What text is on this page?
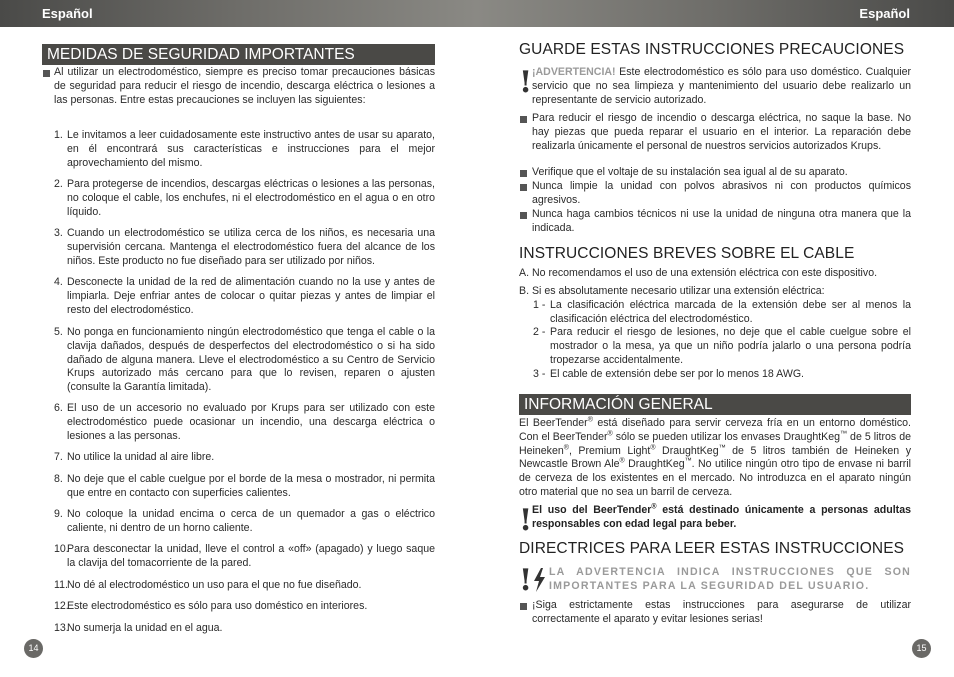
Español	Español
MEDIDAS DE SEGURIDAD IMPORTANTES
Al utilizar un electrodoméstico, siempre es preciso tomar precauciones básicas de seguridad para reducir el riesgo de incendio, descarga eléctrica o lesiones a las personas. Entre estas precauciones se incluyen las siguientes:
1. Le invitamos a leer cuidadosamente este instructivo antes de usar su aparato, en él encontrará sus características e instrucciones para el mejor aprovechamiento del mismo.
2. Para protegerse de incendios, descargas eléctricas o lesiones a las personas, no coloque el cable, los enchufes, ni el electrodoméstico en el agua o en otro líquido.
3. Cuando un electrodoméstico se utiliza cerca de los niños, es necesaria una supervisión cercana. Mantenga el electrodoméstico fuera del alcance de los niños. Este producto no fue diseñado para ser utilizado por niños.
4. Desconecte la unidad de la red de alimentación cuando no la use y antes de limpiarla. Deje enfriar antes de colocar o quitar piezas y antes de limpiar el resto del electrodoméstico.
5. No ponga en funcionamiento ningún electrodoméstico que tenga el cable o la clavija dañados, después de desperfectos del electrodoméstico o si ha sido dañado de alguna manera. Lleve el electrodoméstico a su Centro de Servicio Krups autorizado más cercano para que lo revisen, reparen o ajusten (consulte la Garantía limitada).
6. El uso de un accesorio no evaluado por Krups para ser utilizado con este electrodoméstico puede ocasionar un incendio, una descarga eléctrica o lesiones a las personas.
7. No utilice la unidad al aire libre.
8. No deje que el cable cuelgue por el borde de la mesa o mostrador, ni permita que entre en contacto con superficies calientes.
9. No coloque la unidad encima o cerca de un quemador a gas o eléctrico caliente, ni dentro de un horno caliente.
10.
Para desconectar la unidad, lleve el control a «off» (apagado) y luego saque la clavija del tomacorriente de la pared.
11. No dé al electrodoméstico un uso para el que no fue diseñado.
12.
Este electrodoméstico es sólo para uso doméstico en interiores.
13.
No sumerja la unidad en el agua.
14
GUARDE ESTAS INSTRUCCIONES PRECAUCIONES
! ¡ADVERTENCIA! Este electrodoméstico es sólo para uso doméstico. Cualquier servicio que no sea limpieza y mantenimiento del usuario debe realizarlo un representante de servicio autorizado.
Para reducir el riesgo de incendio o descarga eléctrica, no saque la base. No hay piezas que pueda reparar el usuario en el interior. La reparación debe realizarla únicamente el personal de nuestros servicios autorizados Krups.
Verifique que el voltaje de su instalación sea igual al de su aparato.
Nunca limpie la unidad con polvos abrasivos ni con productos químicos agresivos.
Nunca haga cambios técnicos ni use la unidad de ninguna otra manera que la indicada.
INSTRUCCIONES BREVES SOBRE EL CABLE
A. No recomendamos el uso de una extensión eléctrica con este dispositivo.
B. Si es absolutamente necesario utilizar una extensión eléctrica:
1 - La clasificación eléctrica marcada de la extensión debe ser al menos la clasificación eléctrica del electrodoméstico.
2 - Para reducir el riesgo de lesiones, no deje que el cable cuelgue sobre el mostrador o la mesa, ya que un niño podría jalarlo o una persona podría tropezarse accidentalmente.
3 - El cable de extensión debe ser por lo menos 18 AWG.
INFORMACIÓN GENERAL
El BeerTender® está diseñado para servir cerveza fría en un entorno doméstico. Con el BeerTender® sólo se pueden utilizar los envases DraughtKeg™ de 5 litros de Heineken®, Premium Light® DraughtKeg™ de 5 litros también de Heineken y Newcastle Brown Ale® DraughtKeg™. No utilice ningún otro tipo de envase ni barril de cerveza de los existentes en el mercado. No introduzca en el aparato ningún otro material que no sea un barril de cerveza.
! El uso del BeerTender® está destinado únicamente a personas adultas responsables con edad legal para beber.
DIRECTRICES PARA LEER ESTAS INSTRUCCIONES
! LA ADVERTENCIA INDICA INSTRUCCIONES QUE SON IMPORTANTES PARA LA SEGURIDAD DEL USUARIO.
¡Siga estrictamente estas instrucciones para asegurarse de utilizar correctamente el aparato y evitar lesiones serias!
15
